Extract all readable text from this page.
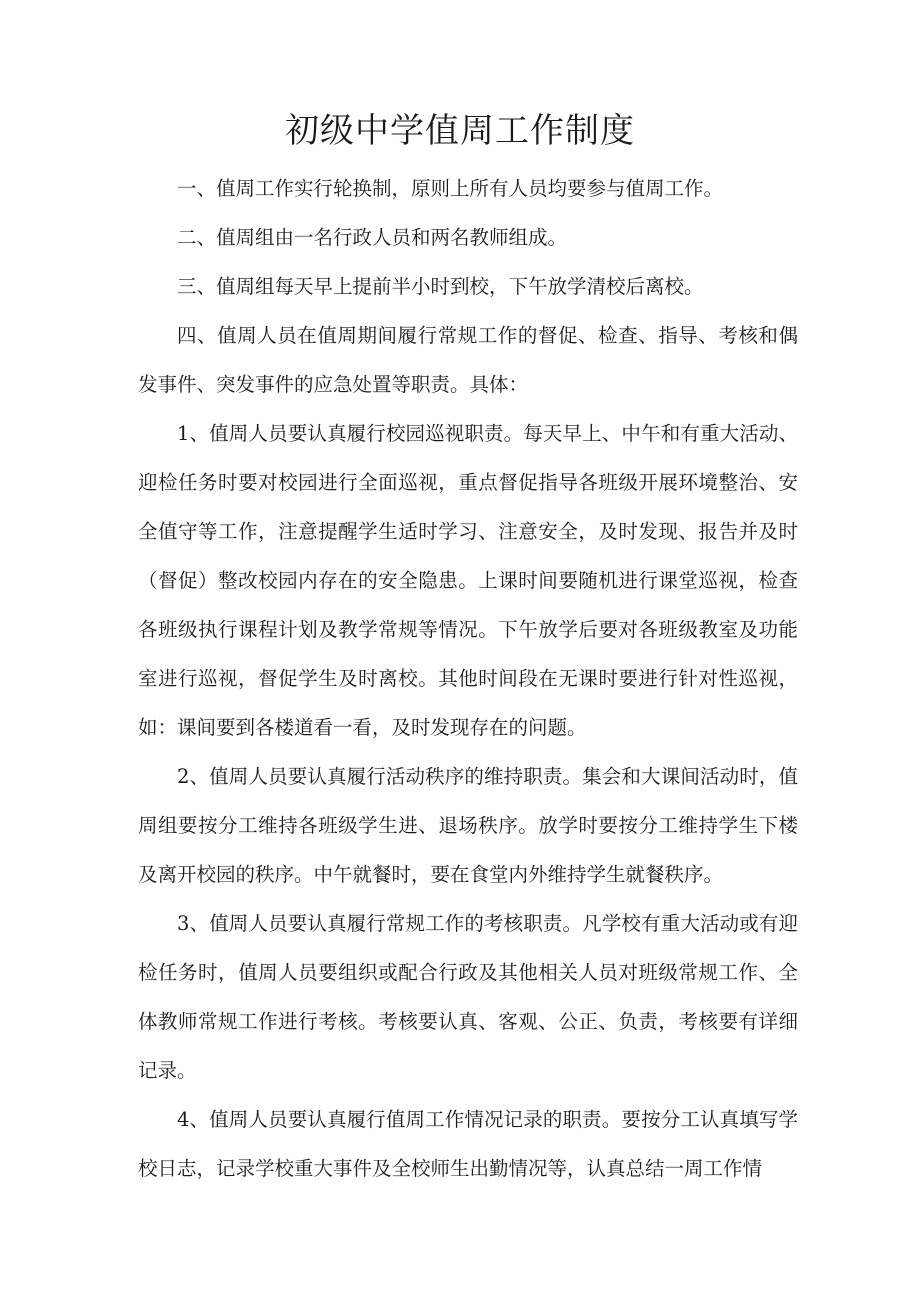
初级中学值周工作制度

一、值周工作实行轮换制，原则上所有人员均要参与值周工作。

二、值周组由一名行政人员和两名教师组成。

三、值周组每天早上提前半小时到校，下午放学清校后离校。

四、值周人员在值周期间履行常规工作的督促、检查、指导、考核和偶发事件、突发事件的应急处置等职责。具体：

1、值周人员要认真履行校园巡视职责。每天早上、中午和有重大活动、迎检任务时要对校园进行全面巡视，重点督促指导各班级开展环境整治、安全值守等工作，注意提醒学生适时学习、注意安全，及时发现、报告并及时（督促）整改校园内存在的安全隐患。上课时间要随机进行课堂巡视，检查各班级执行课程计划及教学常规等情况。下午放学后要对各班级教室及功能室进行巡视，督促学生及时离校。其他时间段在无课时要进行针对性巡视，如：课间要到各楼道看一看，及时发现存在的问题。

2、值周人员要认真履行活动秩序的维持职责。集会和大课间活动时，值周组要按分工维持各班级学生进、退场秩序。放学时要按分工维持学生下楼及离开校园的秩序。中午就餐时，要在食堂内外维持学生就餐秩序。

3、值周人员要认真履行常规工作的考核职责。凡学校有重大活动或有迎检任务时，值周人员要组织或配合行政及其他相关人员对班级常规工作、全体教师常规工作进行考核。考核要认真、客观、公正、负责，考核要有详细记录。

4、值周人员要认真履行值周工作情况记录的职责。要按分工认真填写学校日志，记录学校重大事件及全校师生出勤情况等，认真总结一周工作情
